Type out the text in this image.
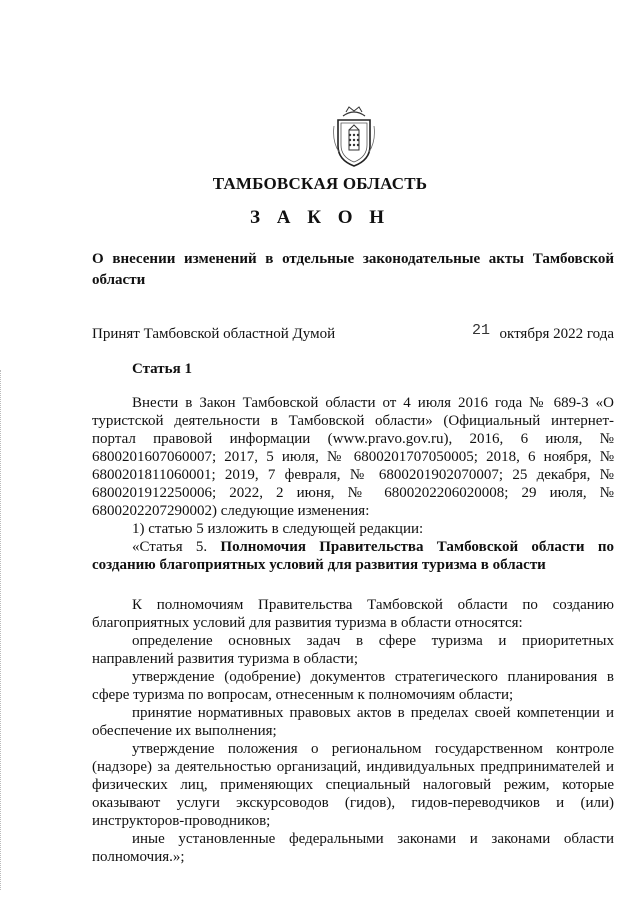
ТАМБОВСКАЯ ОБЛАСТЬ
З А К О Н
О внесении изменений в отдельные законодательные акты Тамбовской области
Принят Тамбовской областной Думой	21 октября 2022 года
Статья 1

Внести в Закон Тамбовской области от 4 июля 2016 года № 689-З «О туристской деятельности в Тамбовской области» (Официальный интернет-портал правовой информации (www.pravo.gov.ru), 2016, 6 июля, № 6800201607060007; 2017, 5 июля, № 6800201707050005; 2018, 6 ноября, № 6800201811060001; 2019, 7 февраля, № 6800201902070007; 25 декабря, № 6800201912250006; 2022, 2 июня, № 6800202206020008; 29 июля, № 6800202207290002) следующие изменения:

1) статью 5 изложить в следующей редакции:

«Статья 5. Полномочия Правительства Тамбовской области по созданию благоприятных условий для развития туризма в области

К полномочиям Правительства Тамбовской области по созданию благоприятных условий для развития туризма в области относятся:

определение основных задач в сфере туризма и приоритетных направлений развития туризма в области;

утверждение (одобрение) документов стратегического планирования в сфере туризма по вопросам, отнесенным к полномочиям области;

принятие нормативных правовых актов в пределах своей компетенции и обеспечение их выполнения;

утверждение положения о региональном государственном контроле (надзоре) за деятельностью организаций, индивидуальных предпринимателей и физических лиц, применяющих специальный налоговый режим, которые оказывают услуги экскурсоводов (гидов), гидов-переводчиков и (или) инструкторов-проводников;

иные установленные федеральными законами и законами области полномочия.»;
